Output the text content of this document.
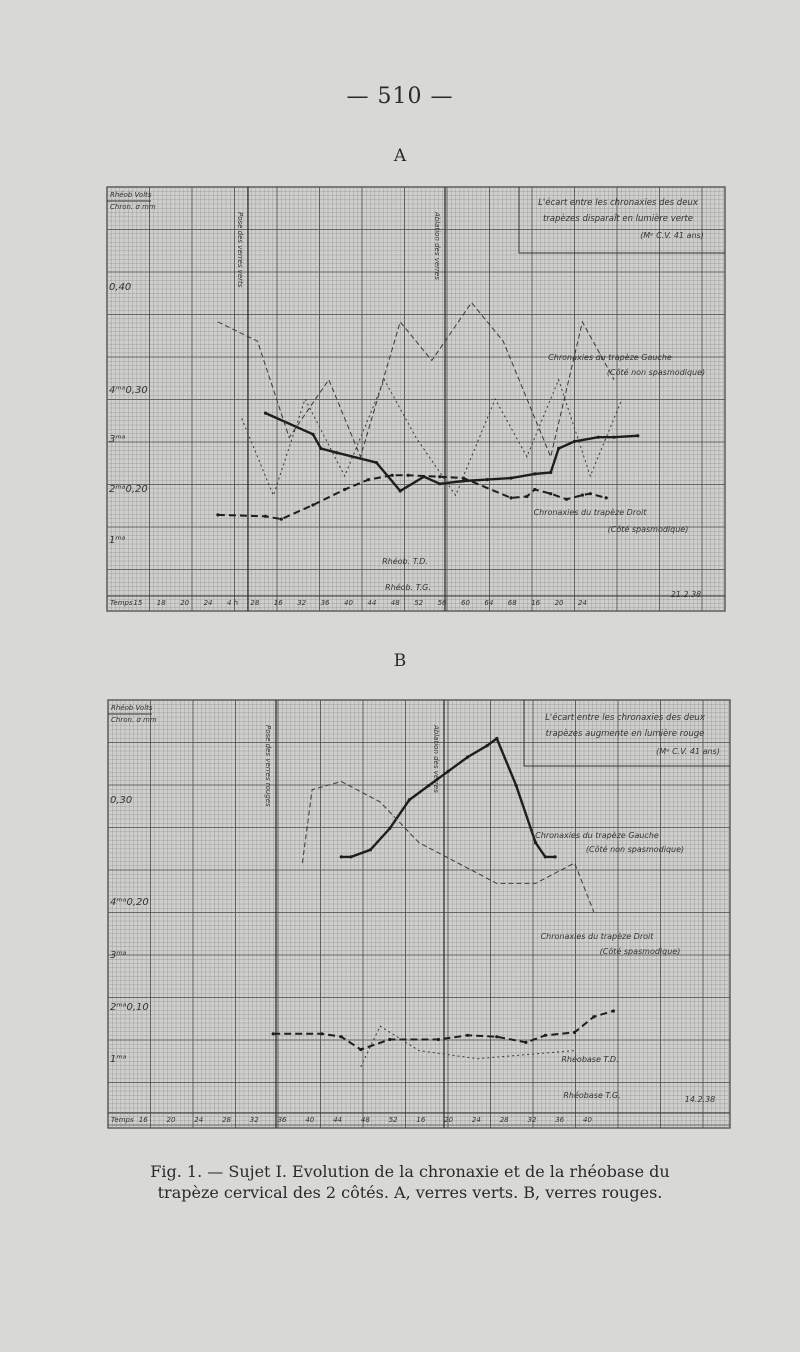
— 510 —
A
B
Rhéob Volts
Chron. σ mm
0,40
4ᵐᵃ0,30
3ᵐᵃ
2ᵐᵃ0,20
1ᵐᵃ
Temps 15 18 20 24 4 h 28 16 32 36 40 44 48 52 56 60 64 68 16 20 24
Pose des verres verts	Ablation des verres
L'écart entre les chronaxies des deux trapèzes disparaît en lumière verte
(Mᵉ C.V. 41 ans)
Chronaxies du trapèze Gauche
(Côté non spasmodique)
Chronaxies du trapèze Droit
(Côté spasmodique)
Rhéob. T.D.
Rhéob. T.G.
21.2.38
Rhéob Volts
Chron. σ mm
0,30
4ᵐᵃ0,20
3ᵐᵃ
2ᵐᵃ0,10
1ᵐᵃ
Temps 16	20	24	28	32	36	40	44	48	52	16	20	24	28	32	36	40
Pose des verres rouges	Ablation des verres
L'écart entre les chronaxies des deux trapèzes augmente en lumière rouge
(Mᵉ C.V. 41 ans)
Chronaxies du trapèze Gauche
(Côté non spasmodique)
Chronaxies du trapèze Droit
(Côté spasmodique)
Rhéobase T.D.
Rhéobase T.G.	14.2.38
Fig. 1. — Sujet I. Evolution de la chronaxie et de la rhéobase du trapèze cervical des 2 côtés. A, verres verts. B, verres rouges.
